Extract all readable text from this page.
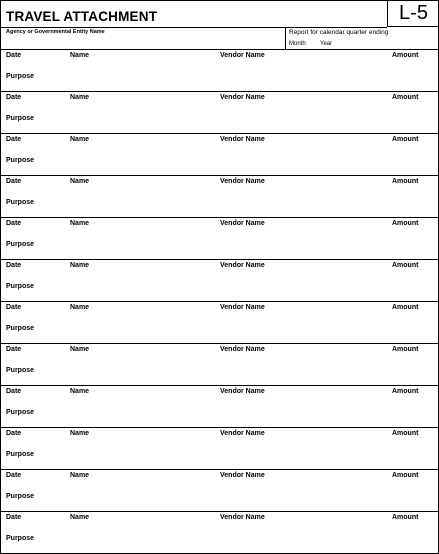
TRAVEL ATTACHMENT	L-5
Agency or Governmental Entity Name	Report for calendar quarter ending
Month Year
Date	Name	Vendor Name	Amount
Purpose
Date	Name	Vendor Name	Amount
Purpose
Date	Name	Vendor Name	Amount
Purpose
Date	Name	Vendor Name	Amount
Purpose
Date	Name	Vendor Name	Amount
Purpose
Date	Name	Vendor Name	Amount
Purpose
Date	Name	Vendor Name	Amount
Purpose
Date	Name	Vendor Name	Amount
Purpose
Date	Name	Vendor Name	Amount
Purpose
Date	Name	Vendor Name	Amount
Purpose
Date	Name	Vendor Name	Amount
Purpose
Date	Name	Vendor Name	Amount
Purpose
